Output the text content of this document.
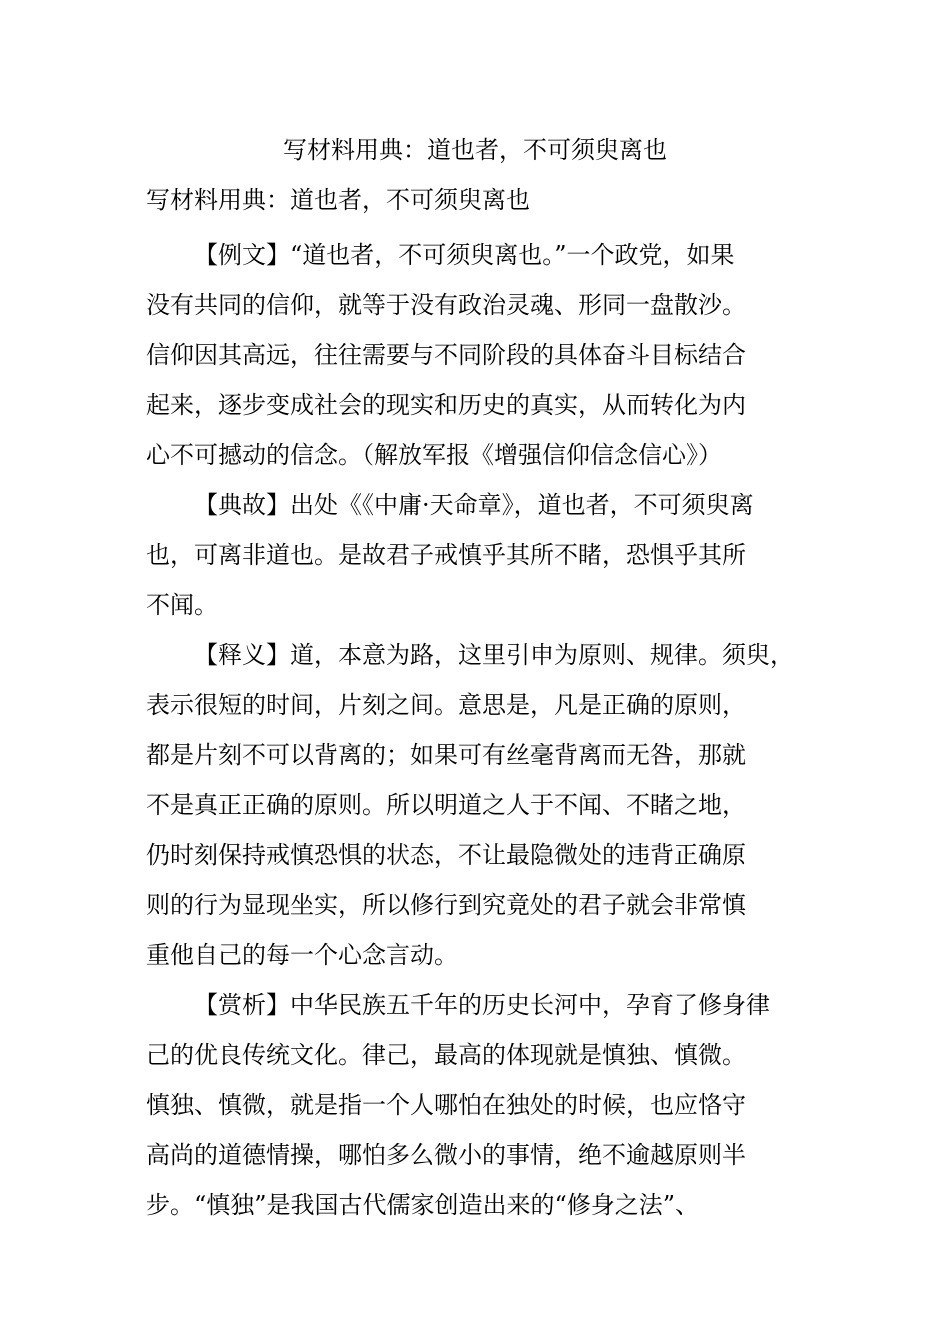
写材料用典：道也者，不可须臾离也
写材料用典：道也者，不可须臾离也

【例文】“道也者，不可须臾离也。”一个政党，如果
没有共同的信仰，就等于没有政治灵魂、形同一盘散沙。
信仰因其高远，往往需要与不同阶段的具体奋斗目标结合
起来，逐步变成社会的现实和历史的真实，从而转化为内
心不可撼动的信念。（解放军报《增强信仰信念信心》）

【典故】出处《《中庸·天命章》，道也者，不可须臾离
也，可离非道也。是故君子戒慎乎其所不睹，恐惧乎其所
不闻。

【释义】道，本意为路，这里引申为原则、规律。须臾，
表示很短的时间，片刻之间。意思是，凡是正确的原则，
都是片刻不可以背离的；如果可有丝毫背离而无咎，那就
不是真正正确的原则。所以明道之人于不闻、不睹之地，
仍时刻保持戒慎恐惧的状态，不让最隐微处的违背正确原
则的行为显现坐实，所以修行到究竟处的君子就会非常慎
重他自己的每一个心念言动。

【赏析】中华民族五千年的历史长河中，孕育了修身律
己的优良传统文化。律己，最高的体现就是慎独、慎微。
慎独、慎微，就是指一个人哪怕在独处的时候，也应恪守
高尚的道德情操，哪怕多么微小的事情，绝不逾越原则半
步。“慎独”是我国古代儒家创造出来的“修身之法”、
